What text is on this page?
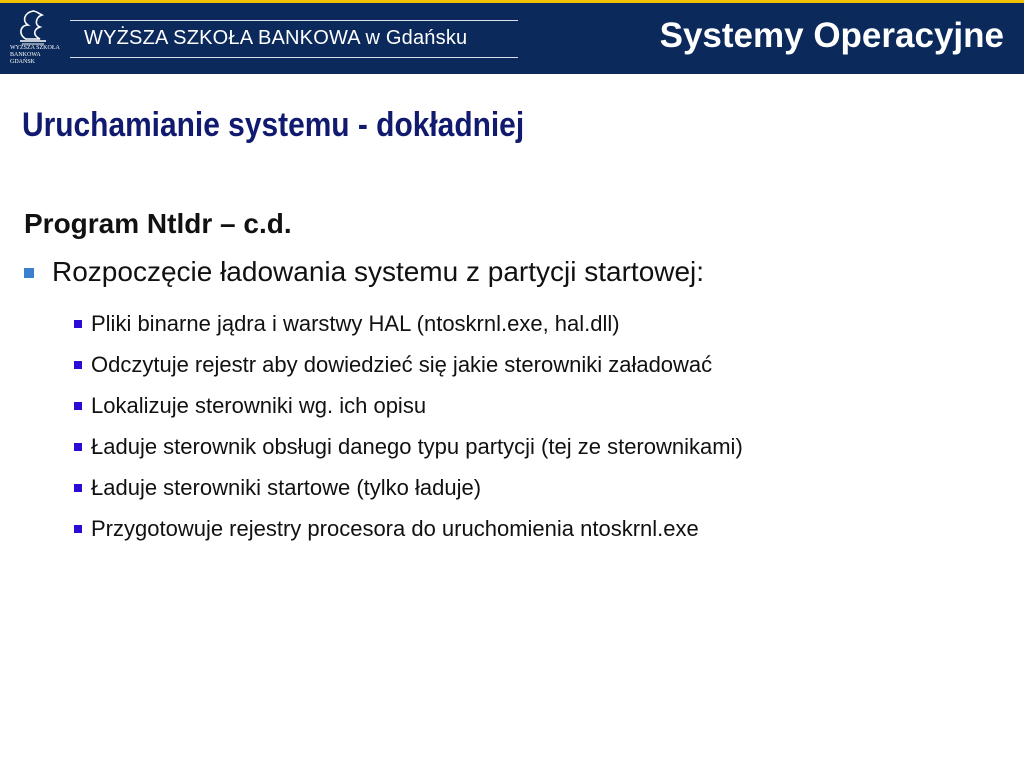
WYŻSZA SZKOŁA BANKOWA GDAŃSK
WYŻSZA SZKOŁA BANKOWA w Gdańsku	Systemy Operacyjne
Uruchamianie systemu - dokładniej
Program Ntldr – c.d.
Rozpoczęcie ładowania systemu z partycji startowej:
Pliki binarne jądra i warstwy HAL (ntoskrnl.exe, hal.dll)
Odczytuje rejestr aby dowiedzieć się jakie sterowniki załadować
Lokalizuje sterowniki wg. ich opisu
Ładuje sterownik obsługi danego typu partycji (tej ze sterownikami)
Ładuje sterowniki startowe (tylko ładuje)
Przygotowuje rejestry procesora do uruchomienia ntoskrnl.exe
